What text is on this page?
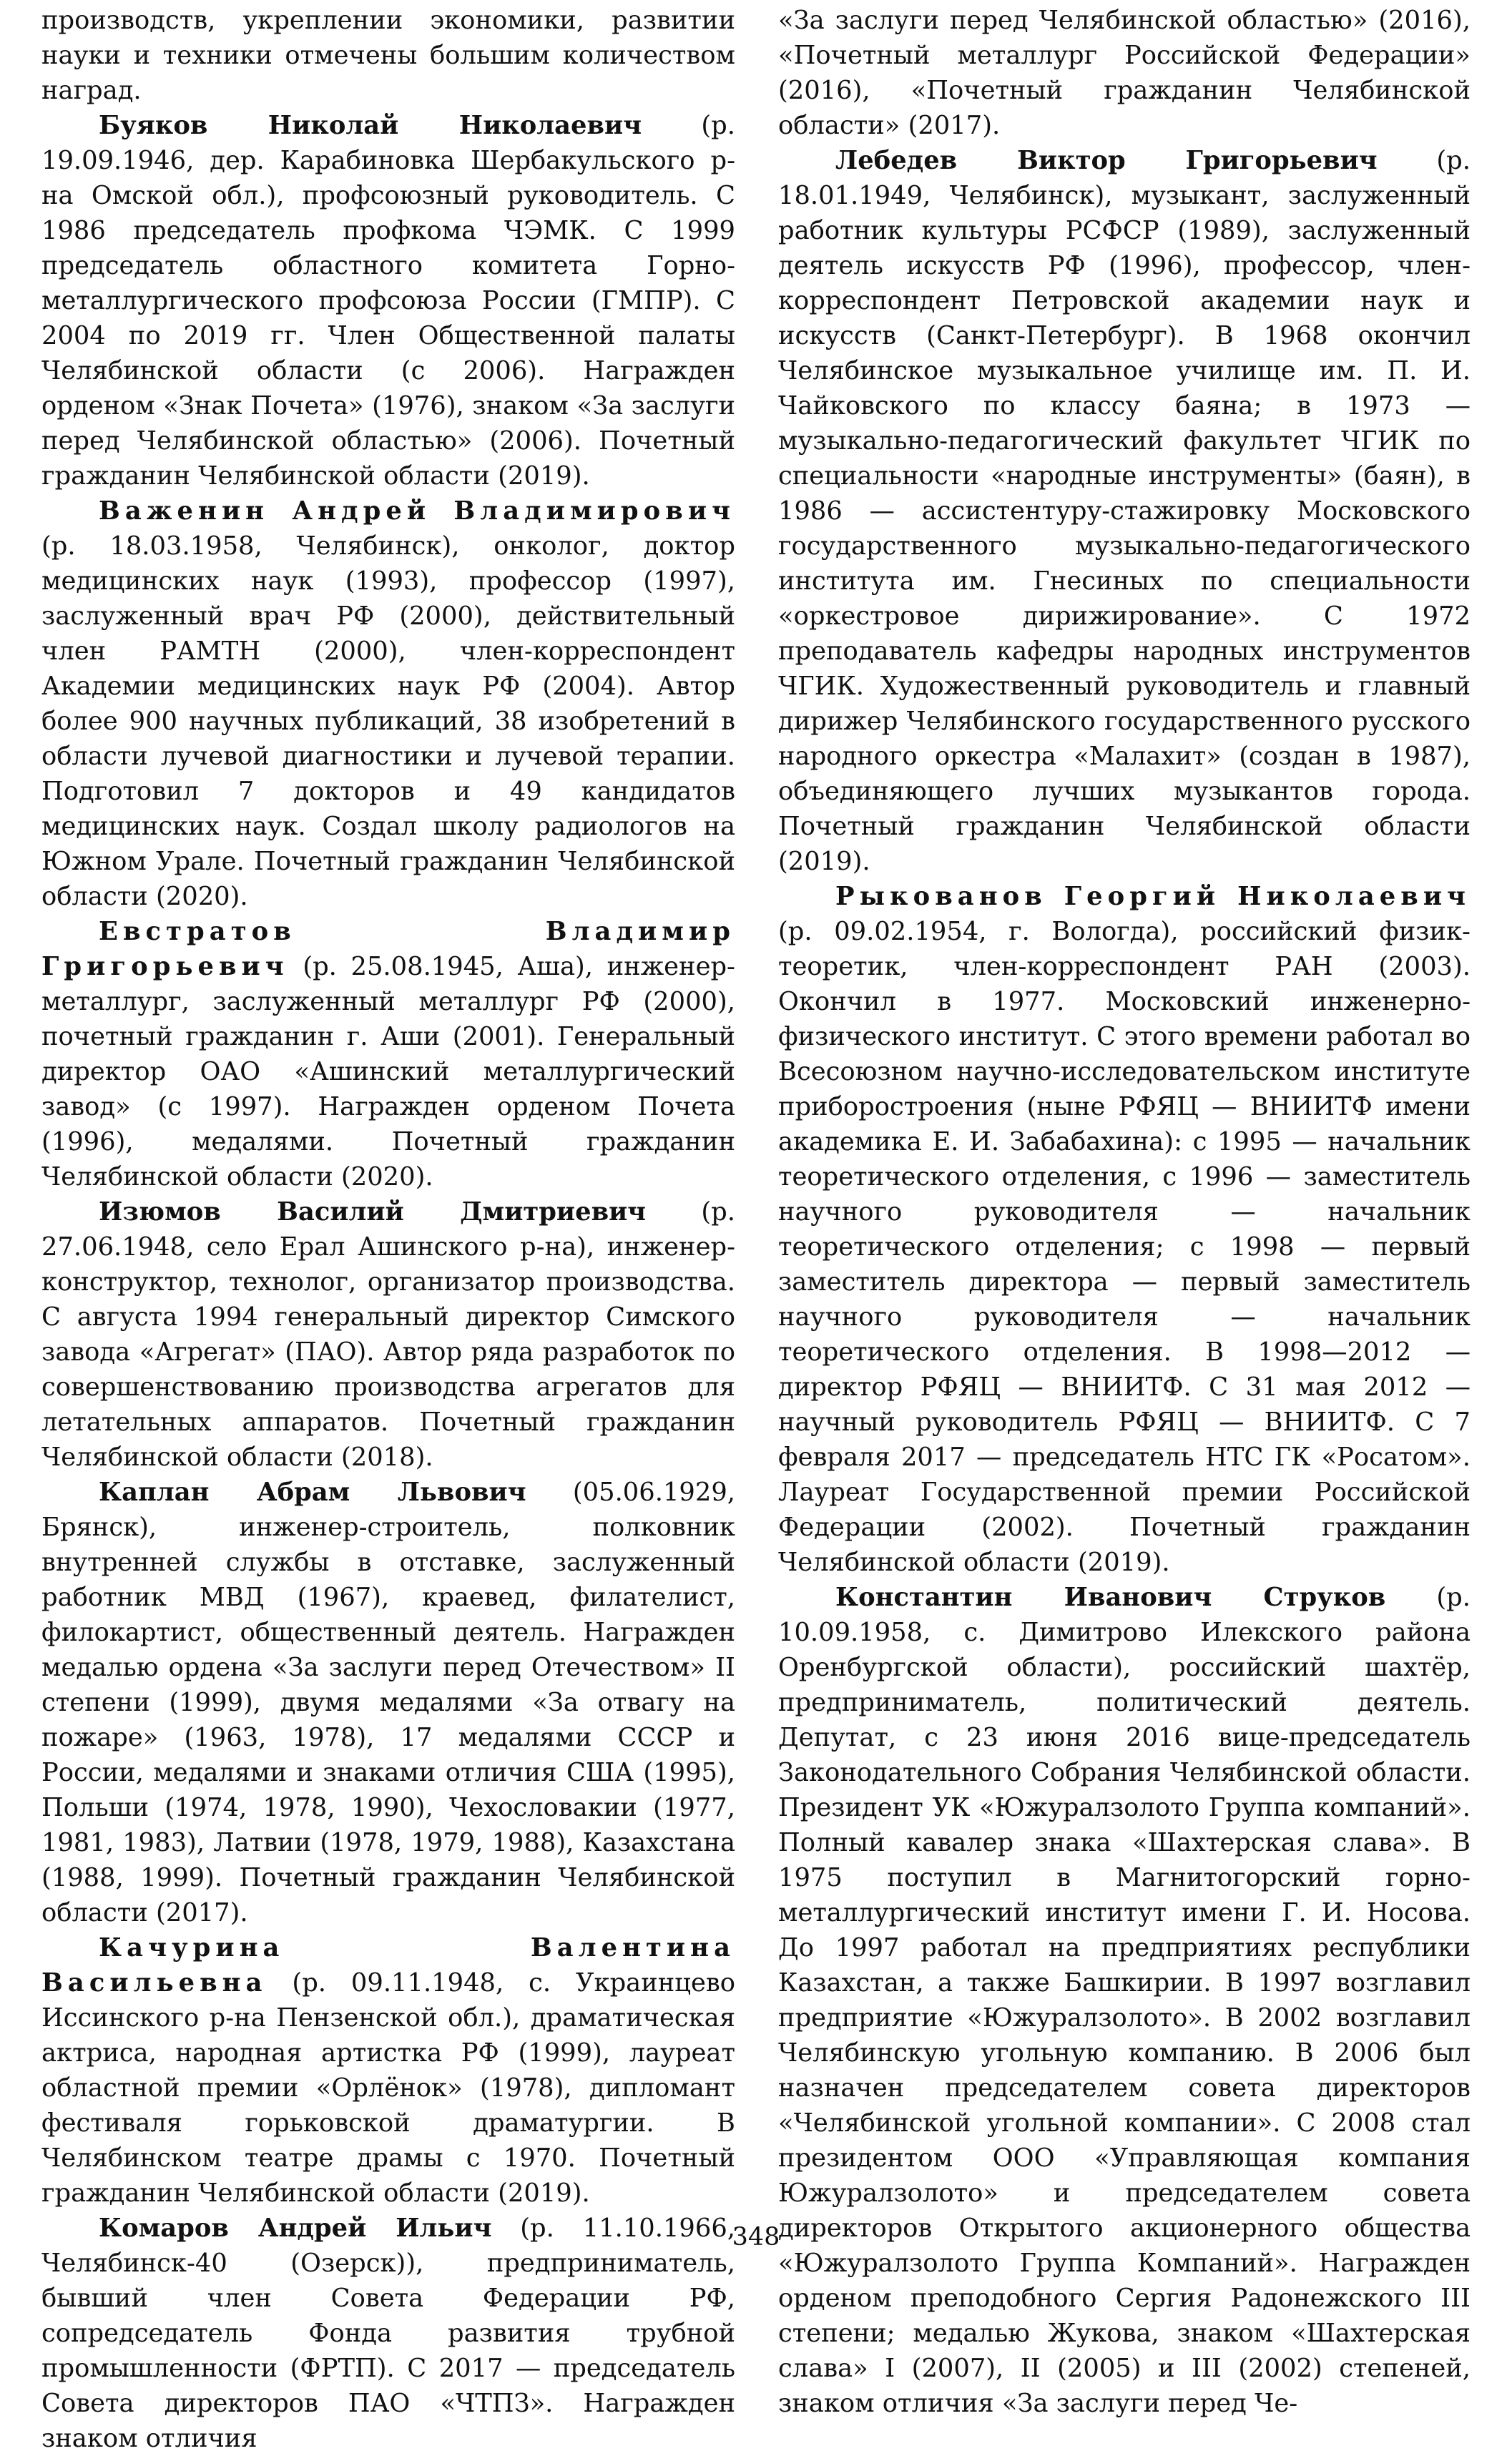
производств, укреплении экономики, развитии науки и техники отмечены большим количеством наград.

Буяков Николай Николаевич (р. 19.09.1946, дер. Карабиновка Шербакульского р-на Омской обл.), профсоюзный руководитель. С 1986 председатель профкома ЧЭМК. С 1999 председатель областного комитета Горно-металлургического профсоюза России (ГМПР). С 2004 по 2019 гг. Член Общественной палаты Челябинской области (с 2006). Награжден орденом «Знак Почета» (1976), знаком «За заслуги перед Челябинской областью» (2006). Почетный гражданин Челябинской области (2019).

Важенин Андрей Владимирович (р. 18.03.1958, Челябинск), онколог, доктор медицинских наук (1993), профессор (1997), заслуженный врач РФ (2000), действительный член РАМТН (2000), член-корреспондент Академии медицинских наук РФ (2004). Автор более 900 научных публикаций, 38 изобретений в области лучевой диагностики и лучевой терапии. Подготовил 7 докторов и 49 кандидатов медицинских наук. Создал школу радиологов на Южном Урале. Почетный гражданин Челябинской области (2020).

Евстратов Владимир Григорьевич (р. 25.08.1945, Аша), инженер-металлург, заслуженный металлург РФ (2000), почетный гражданин г. Аши (2001). Генеральный директор ОАО «Ашинский металлургический завод» (с 1997). Награжден орденом Почета (1996), медалями. Почетный гражданин Челябинской области (2020).

Изюмов Василий Дмитриевич (р. 27.06.1948, село Ерал Ашинского р-на), инженер-конструктор, технолог, организатор производства. С августа 1994 генеральный директор Симского завода «Агрегат» (ПАО). Автор ряда разработок по совершенствованию производства агрегатов для летательных аппаратов. Почетный гражданин Челябинской области (2018).

Каплан Абрам Львович (05.06.1929, Брянск), инженер-строитель, полковник внутренней службы в отставке, заслуженный работник МВД (1967), краевед, филателист, филокартист, общественный деятель. Награжден медалью ордена «За заслуги перед Отечеством» II степени (1999), двумя медалями «За отвагу на пожаре» (1963, 1978), 17 медалями СССР и России, медалями и знаками отличия США (1995), Польши (1974, 1978, 1990), Чехословакии (1977, 1981, 1983), Латвии (1978, 1979, 1988), Казахстана (1988, 1999). Почетный гражданин Челябинской области (2017).

Качурина Валентина Васильевна (р. 09.11.1948, с. Украинцево Иссинского р-на Пензенской обл.), драматическая актриса, народная артистка РФ (1999), лауреат областной премии «Орлёнок» (1978), дипломант фестиваля горьковской драматургии. В Челябинском театре драмы с 1970. Почетный гражданин Челябинской области (2019).

Комаров Андрей Ильич (р. 11.10.1966, Челябинск-40 (Озерск)), предприниматель, бывший член Совета Федерации РФ, сопредседатель Фонда развития трубной промышленности (ФРТП). С 2017 — председатель Совета директоров ПАО «ЧТПЗ». Награжден знаком отличия

«За заслуги перед Челябинской областью» (2016), «Почетный металлург Российской Федерации» (2016), «Почетный гражданин Челябинской области» (2017).

Лебедев Виктор Григорьевич (р. 18.01.1949, Челябинск), музыкант, заслуженный работник культуры РСФСР (1989), заслуженный деятель искусств РФ (1996), профессор, член-корреспондент Петровской академии наук и искусств (Санкт-Петербург). В 1968 окончил Челябинское музыкальное училище им. П. И. Чайковского по классу баяна; в 1973 — музыкально-педагогический факультет ЧГИК по специальности «народные инструменты» (баян), в 1986 — ассистентуру-стажировку Московского государственного музыкально-педагогического института им. Гнесиных по специальности «оркестровое дирижирование». С 1972 преподаватель кафедры народных инструментов ЧГИК. Художественный руководитель и главный дирижер Челябинского государственного русского народного оркестра «Малахит» (создан в 1987), объединяющего лучших музыкантов города. Почетный гражданин Челябинской области (2019).

Рыкованов Георгий Николаевич (р. 09.02.1954, г. Вологда), российский физик-теоретик, член-корреспондент РАН (2003). Окончил в 1977. Московский инженерно-физического институт. С этого времени работал во Всесоюзном научно-исследовательском институте приборостроения (ныне РФЯЦ — ВНИИТФ имени академика Е. И. Забабахина): с 1995 — начальник теоретического отделения, с 1996 — заместитель научного руководителя — начальник теоретического отделения; с 1998 — первый заместитель директора — первый заместитель научного руководителя — начальник теоретического отделения. В 1998—2012 — директор РФЯЦ — ВНИИТФ. С 31 мая 2012 — научный руководитель РФЯЦ — ВНИИТФ. С 7 февраля 2017 — председатель НТС ГК «Росатом». Лауреат Государственной премии Российской Федерации (2002). Почетный гражданин Челябинской области (2019).

Константин Иванович Струков (р. 10.09.1958, с. Димитрово Илекского района Оренбургской области), российский шахтёр, предприниматель, политический деятель. Депутат, с 23 июня 2016 вице-председатель Законодательного Собрания Челябинской области. Президент УК «Южуралзолото Группа компаний». Полный кавалер знака «Шахтерская слава». В 1975 поступил в Магнитогорский горно-металлургический институт имени Г. И. Носова. До 1997 работал на предприятиях республики Казахстан, а также Башкирии. В 1997 возглавил предприятие «Южуралзолото». В 2002 возглавил Челябинскую угольную компанию. В 2006 был назначен председателем совета директоров «Челябинской угольной компании». С 2008 стал президентом ООО «Управляющая компания Южуралзолото» и председателем совета директоров Открытого акционерного общества «Южуралзолото Группа Компаний». Награжден орденом преподобного Сергия Радонежского III степени; медалью Жукова, знаком «Шахтерская слава» I (2007), II (2005) и III (2002) степеней, знаком отличия «За заслуги перед Че-

348
